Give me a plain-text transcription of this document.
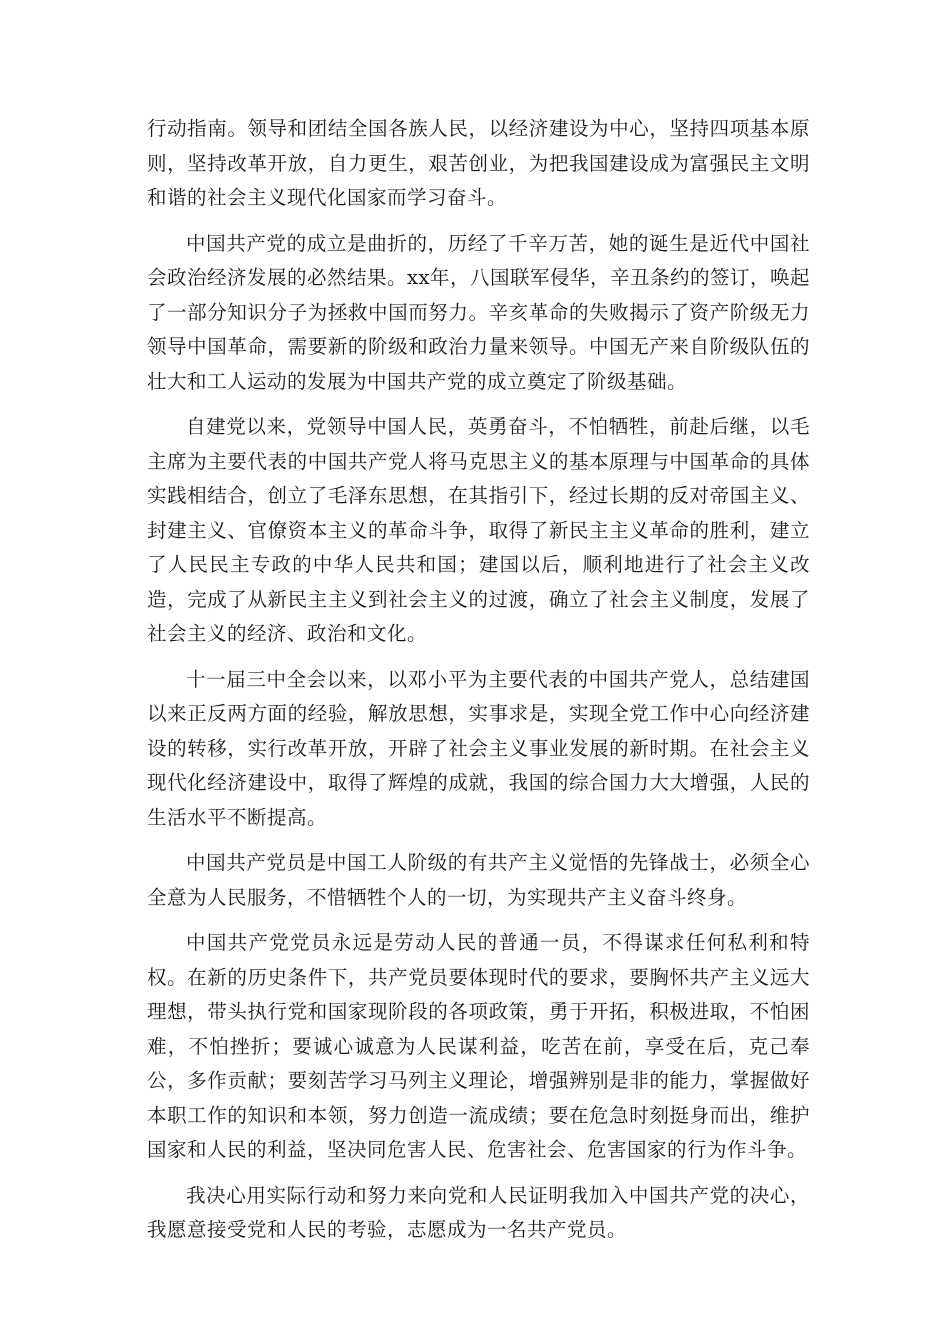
行动指南。领导和团结全国各族人民，以经济建设为中心，坚持四项基本原则，坚持改革开放，自力更生，艰苦创业，为把我国建设成为富强民主文明和谐的社会主义现代化国家而学习奋斗。

中国共产党的成立是曲折的，历经了千辛万苦，她的诞生是近代中国社会政治经济发展的必然结果。xx年，八国联军侵华，辛丑条约的签订，唤起了一部分知识分子为拯救中国而努力。辛亥革命的失败揭示了资产阶级无力领导中国革命，需要新的阶级和政治力量来领导。中国无产来自阶级队伍的壮大和工人运动的发展为中国共产党的成立奠定了阶级基础。

自建党以来，党领导中国人民，英勇奋斗，不怕牺牲，前赴后继，以毛主席为主要代表的中国共产党人将马克思主义的基本原理与中国革命的具体实践相结合，创立了毛泽东思想，在其指引下，经过长期的反对帝国主义、封建主义、官僚资本主义的革命斗争，取得了新民主主义革命的胜利，建立了人民民主专政的中华人民共和国；建国以后，顺利地进行了社会主义改造，完成了从新民主主义到社会主义的过渡，确立了社会主义制度，发展了社会主义的经济、政治和文化。

十一届三中全会以来，以邓小平为主要代表的中国共产党人，总结建国以来正反两方面的经验，解放思想，实事求是，实现全党工作中心向经济建设的转移，实行改革开放，开辟了社会主义事业发展的新时期。在社会主义现代化经济建设中，取得了辉煌的成就，我国的综合国力大大增强，人民的生活水平不断提高。

中国共产党员是中国工人阶级的有共产主义觉悟的先锋战士，必须全心全意为人民服务，不惜牺牲个人的一切，为实现共产主义奋斗终身。

中国共产党党员永远是劳动人民的普通一员，不得谋求任何私利和特权。在新的历史条件下，共产党员要体现时代的要求，要胸怀共产主义远大理想，带头执行党和国家现阶段的各项政策，勇于开拓，积极进取，不怕困难，不怕挫折；要诚心诚意为人民谋利益，吃苦在前，享受在后，克己奉公，多作贡献；要刻苦学习马列主义理论，增强辨别是非的能力，掌握做好本职工作的知识和本领，努力创造一流成绩；要在危急时刻挺身而出，维护国家和人民的利益，坚决同危害人民、危害社会、危害国家的行为作斗争。

我决心用实际行动和努力来向党和人民证明我加入中国共产党的决心，我愿意接受党和人民的考验，志愿成为一名共产党员。
